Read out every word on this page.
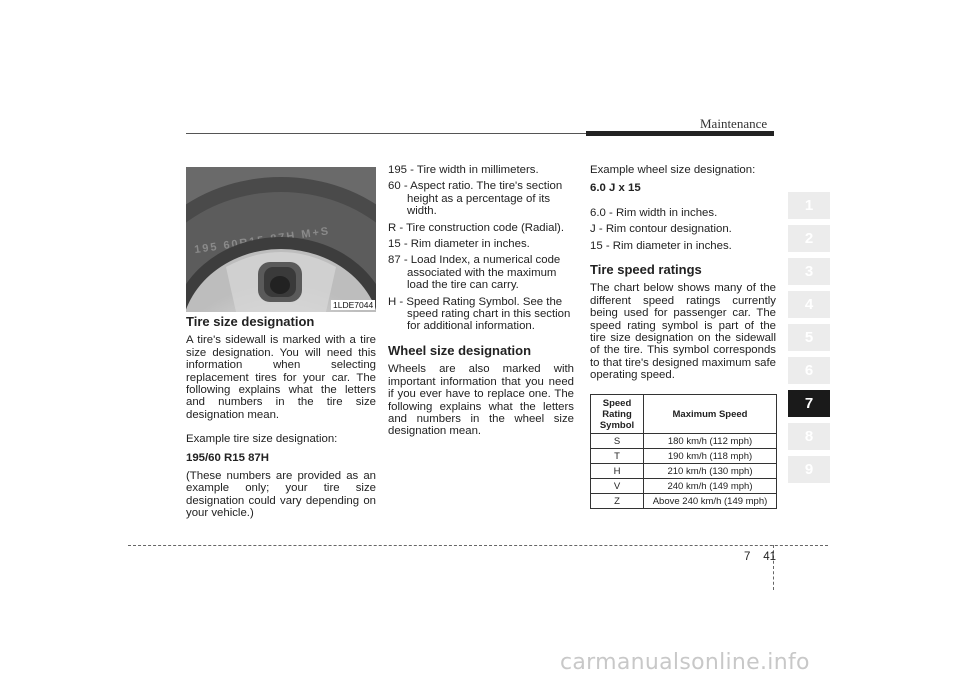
Maintenance
1LDE7044
Tire size designation

A tire's sidewall is marked with a tire size designation. You will need this information when selecting replacement tires for your car. The following explains what the letters and numbers in the tire size designation mean.

Example tire size designation:

195/60 R15 87H

(These numbers are provided as an example only; your tire size designation could vary depending on your vehicle.)

195 - Tire width in millimeters.
60 - Aspect ratio. The tire's section height as a percentage of its width.
R - Tire construction code (Radial).
15 - Rim diameter in inches.
87 - Load Index, a numerical code associated with the maximum load the tire can carry.
H - Speed Rating Symbol. See the speed rating chart in this section for additional information.
Wheel size designation

Wheels are also marked with important information that you need if you ever have to replace one. The following explains what the letters and numbers in the wheel size designation mean.

Example wheel size designation:

6.0 J x 15

6.0 - Rim width in inches.

J - Rim contour designation.

15 - Rim diameter in inches.

Tire speed ratings

The chart below shows many of the different speed ratings currently being used for passenger car. The speed rating symbol is part of the tire size designation on the sidewall of the tire. This symbol corresponds to that tire's designed maximum safe operating speed.

Speed Rating Symbol	Maximum Speed
S	180 km/h (112 mph)
T	190 km/h (118 mph)
H	210 km/h (130 mph)
V	240 km/h (149 mph)
Z	Above 240 km/h (149 mph)
1
2
3
4
5
6
7
8
9
7 41
carmanualsonline.info
